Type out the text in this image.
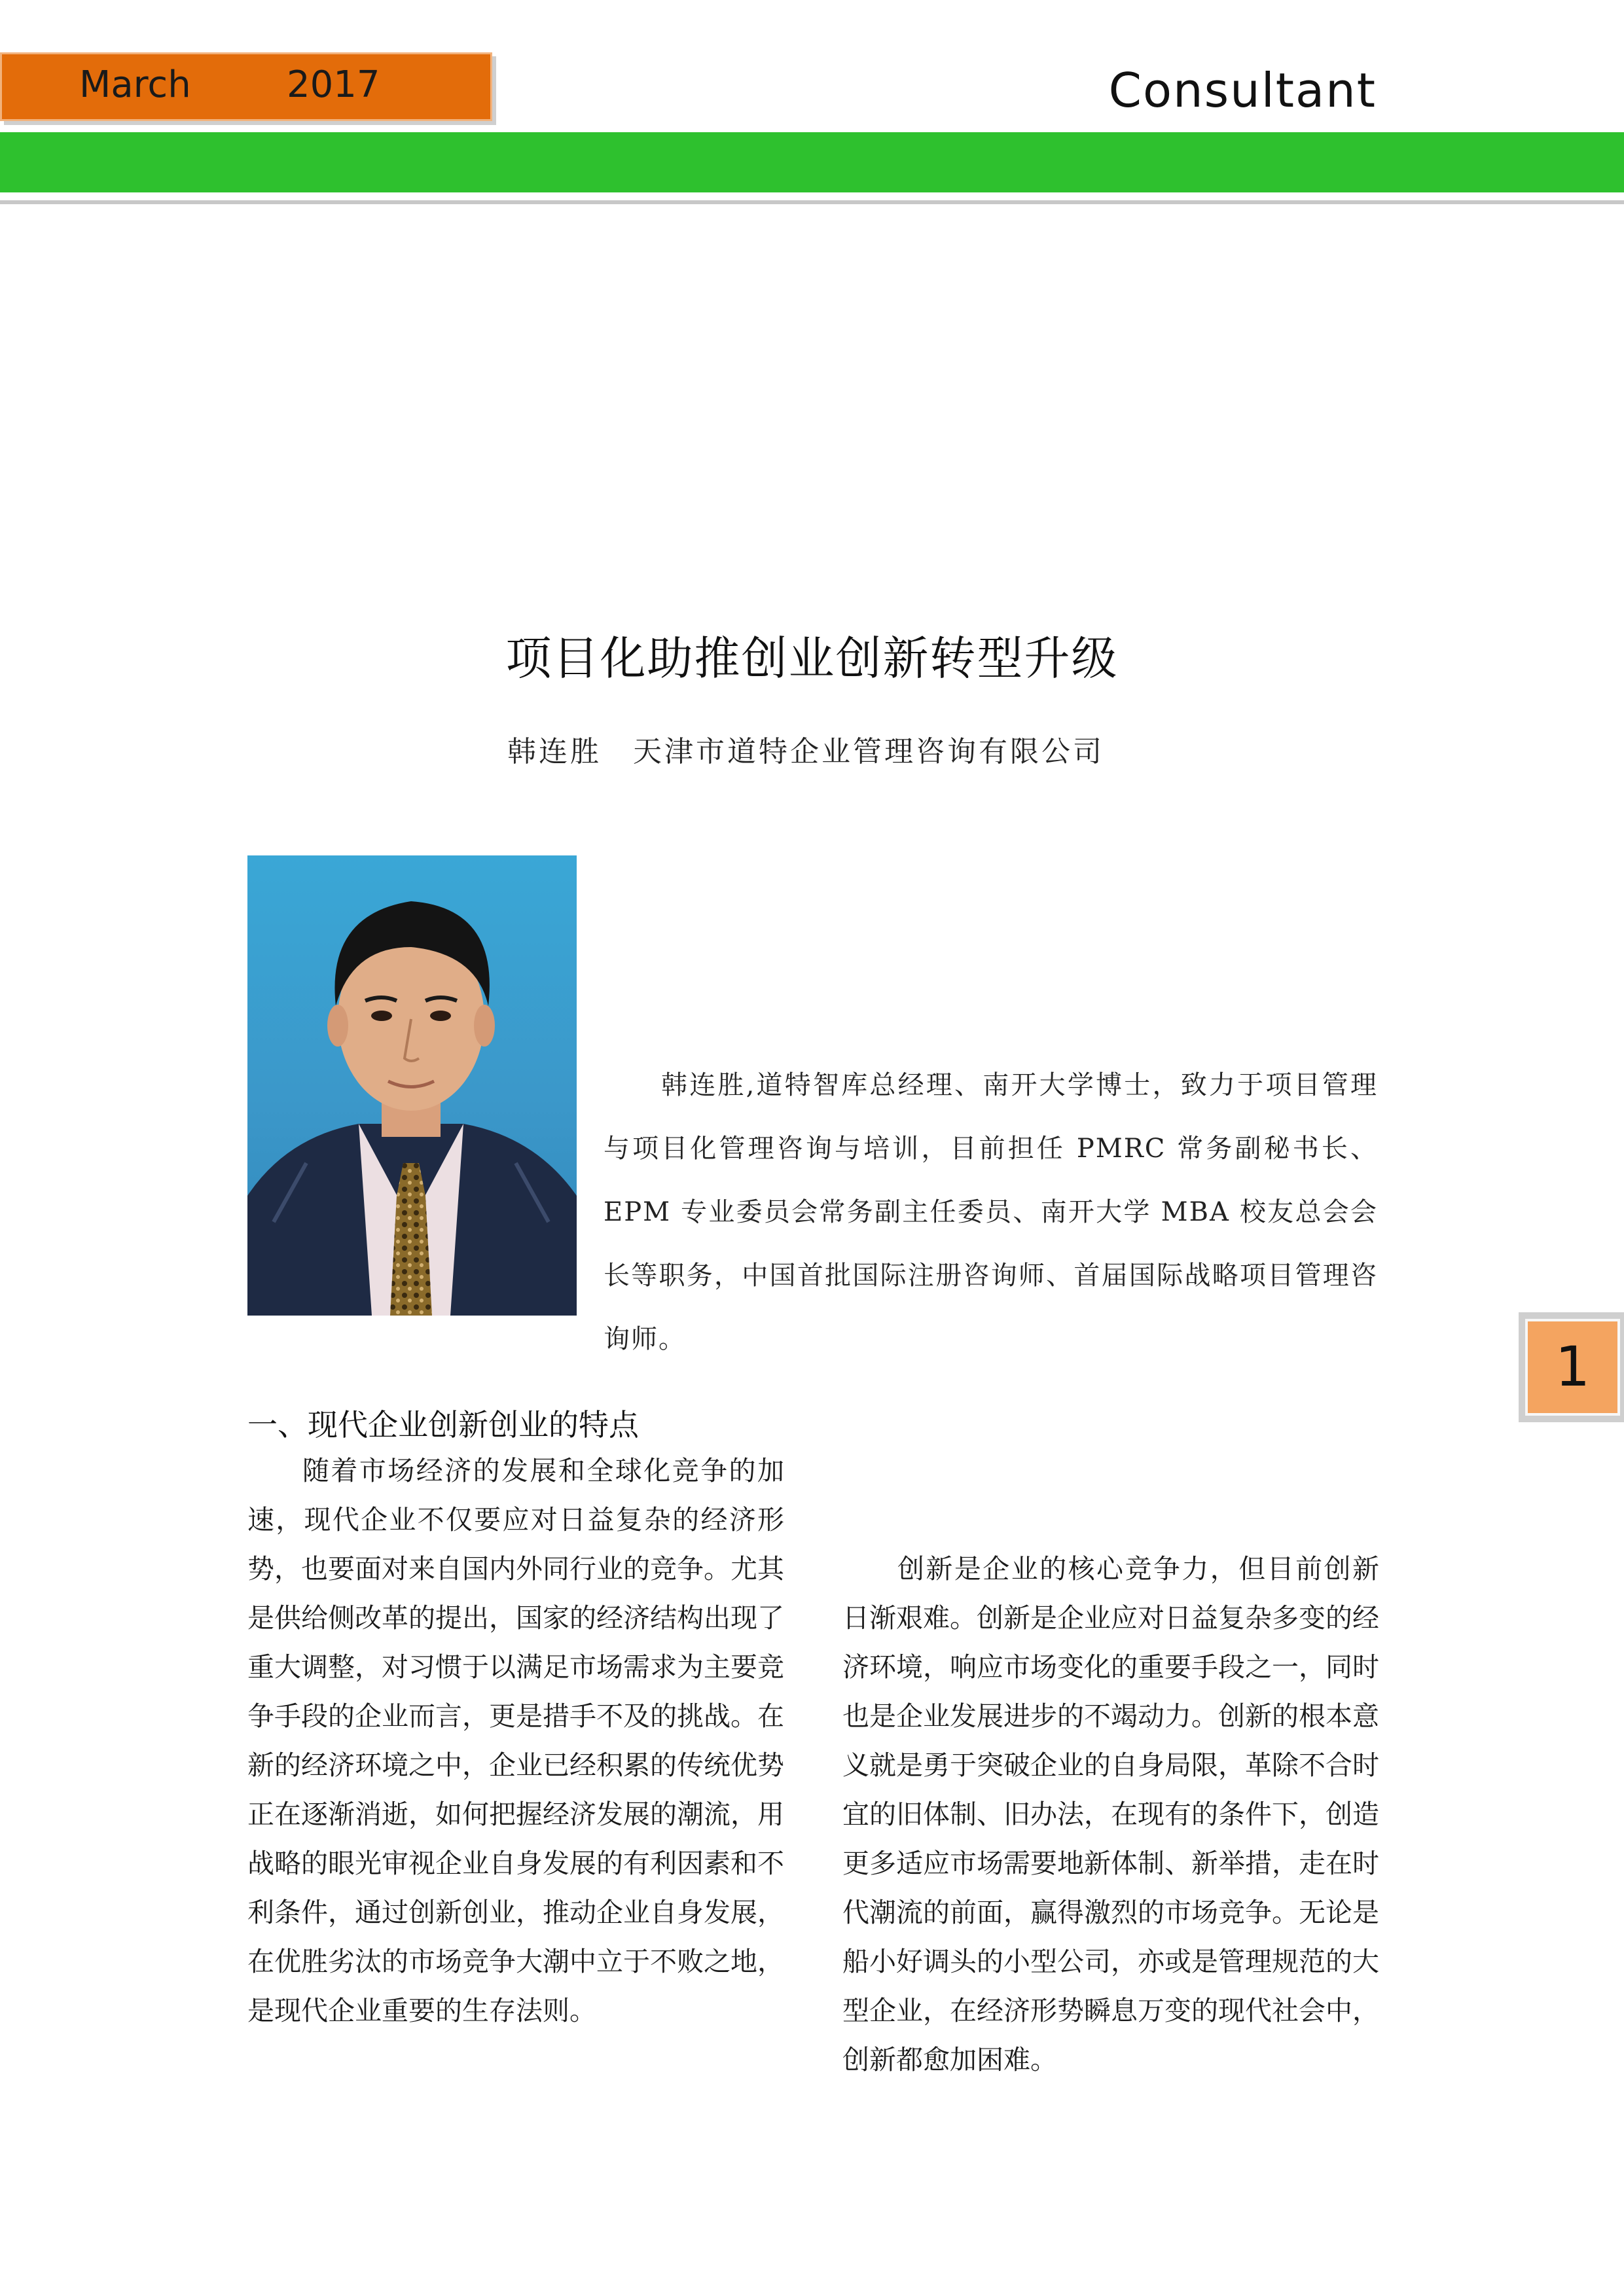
March	2017	Consultant
项目化助推创业创新转型升级
韩连胜 天津市道特企业管理咨询有限公司

韩连胜,道特智库总经理、南开大学博士，致力于项目管理与项目化管理咨询与培训，目前担任 PMRC 常务副秘书长、EPM 专业委员会常务副主任委员、南开大学 MBA 校友总会会长等职务，中国首批国际注册咨询师、首届国际战略项目管理咨询师。	1
一、现代企业创新创业的特点

随着市场经济的发展和全球化竞争的加速，现代企业不仅要应对日益复杂的经济形势，也要面对来自国内外同行业的竞争。尤其是供给侧改革的提出，国家的经济结构出现了重大调整，对习惯于以满足市场需求为主要竞争手段的企业而言，更是措手不及的挑战。在新的经济环境之中，企业已经积累的传统优势正在逐渐消逝，如何把握经济发展的潮流，用战略的眼光审视企业自身发展的有利因素和不利条件，通过创新创业，推动企业自身发展，在优胜劣汰的市场竞争大潮中立于不败之地，是现代企业重要的生存法则。

创新是企业的核心竞争力，但目前创新日渐艰难。创新是企业应对日益复杂多变的经济环境，响应市场变化的重要手段之一，同时也是企业发展进步的不竭动力。创新的根本意义就是勇于突破企业的自身局限，革除不合时宜的旧体制、旧办法，在现有的条件下，创造更多适应市场需要地新体制、新举措，走在时代潮流的前面，赢得激烈的市场竞争。无论是船小好调头的小型公司，亦或是管理规范的大型企业，在经济形势瞬息万变的现代社会中，创新都愈加困难。
